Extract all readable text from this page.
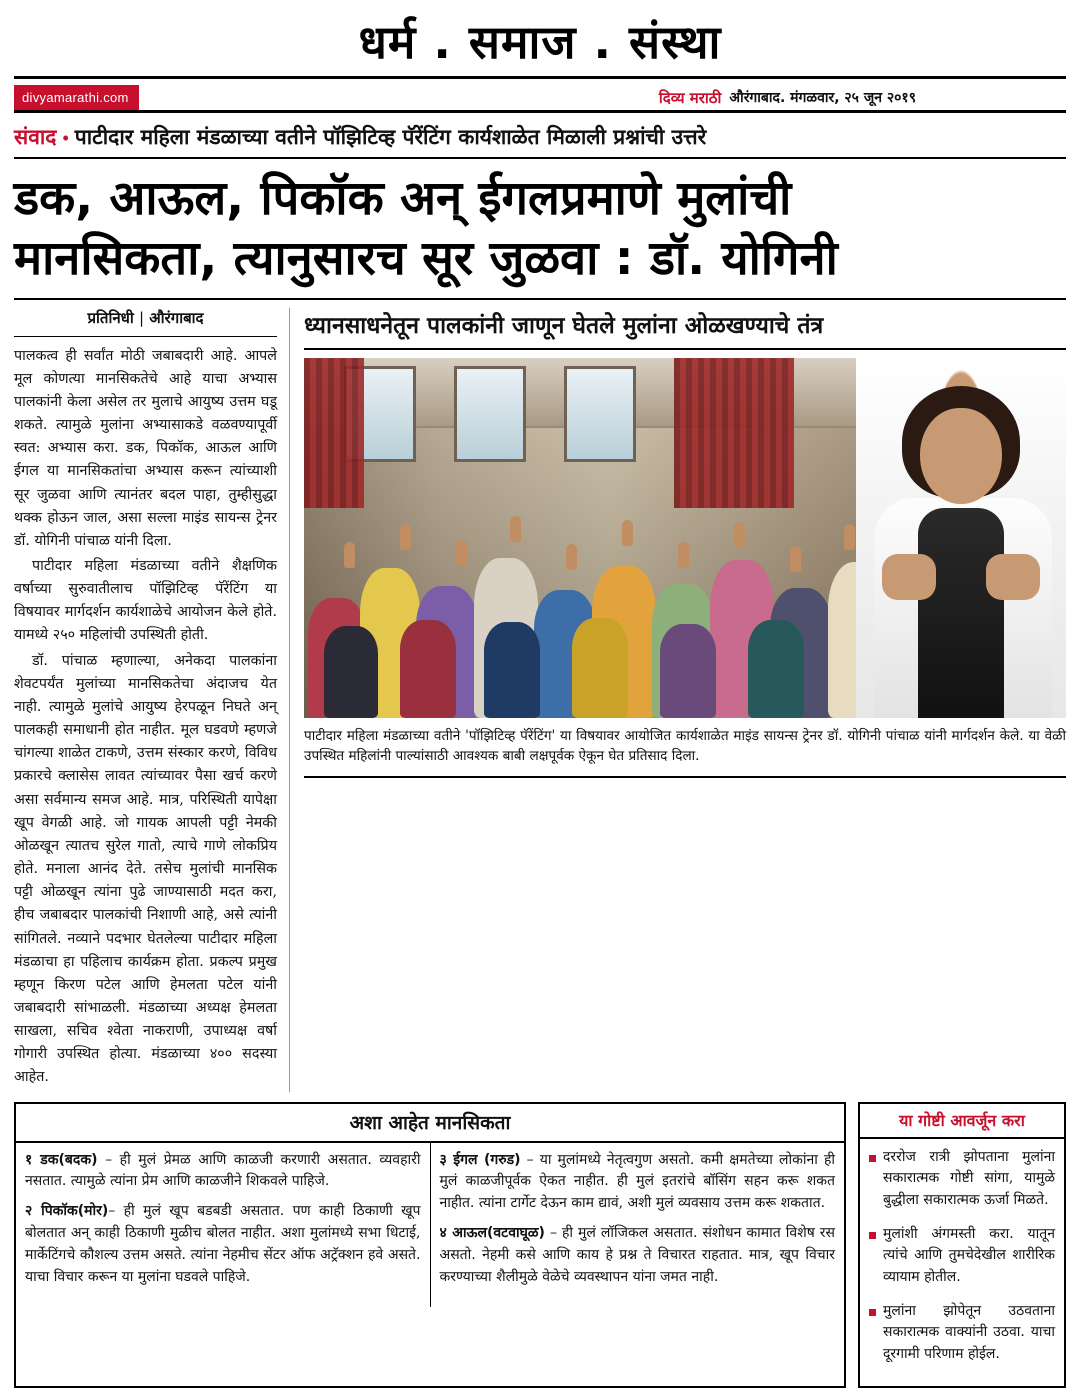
धर्म . समाज . संस्था
divyamarathi.com	दिव्य मराठी औरंगाबाद. मंगळवार, २५ जून २०१९
संवाद • पाटीदार महिला मंडळाच्या वतीने पॉझिटिव्ह पॅरेंटिंग कार्यशाळेत मिळाली प्रश्नांची उत्तरे
डक, आऊल, पिकॉक अन् ईगलप्रमाणे मुलांची
मानसिकता, त्यानुसारच सूर जुळवा : डॉ. योगिनी
प्रतिनिधी | औरंगाबाद

पालकत्व ही सर्वांत मोठी जबाबदारी आहे. आपले मूल कोणत्या मानसिकतेचे आहे याचा अभ्यास पालकांनी केला असेल तर मुलाचे आयुष्य उत्तम घडू शकते. त्यामुळे मुलांना अभ्यासाकडे वळवण्यापूर्वी स्वत: अभ्यास करा. डक, पिकॉक, आऊल आणि ईगल या मानसिकतांचा अभ्यास करून त्यांच्याशी सूर जुळवा आणि त्यानंतर बदल पाहा, तुम्हीसुद्धा थक्क होऊन जाल, असा सल्ला माइंड सायन्स ट्रेनर डॉ. योगिनी पांचाळ यांनी दिला.

पाटीदार महिला मंडळाच्या वतीने शैक्षणिक वर्षाच्या सुरुवातीलाच पॉझिटिव्ह पॅरेंटिंग या विषयावर मार्गदर्शन कार्यशाळेचे आयोजन केले होते. यामध्ये २५० महिलांची उपस्थिती होती.

डॉ. पांचाळ म्हणाल्या, अनेकदा पालकांना शेवटपर्यंत मुलांच्या मानसिकतेचा अंदाजच येत नाही. त्यामुळे मुलांचे आयुष्य हेरपळून निघते अन् पालकही समाधानी होत नाहीत. मूल घडवणे म्हणजे चांगल्या शाळेत टाकणे, उत्तम संस्कार करणे, विविध प्रकारचे क्लासेस लावत त्यांच्यावर पैसा खर्च करणे असा सर्वमान्य समज आहे. मात्र, परिस्थिती यापेक्षा खूप वेगळी आहे. जो गायक आपली पट्टी नेमकी ओळखून त्यातच सुरेल गातो, त्याचे गाणे लोकप्रिय होते. मनाला आनंद देते. तसेच मुलांची मानसिक पट्टी ओळखून त्यांना पुढे जाण्यासाठी मदत करा, हीच जबाबदार पालकांची निशाणी आहे, असे त्यांनी सांगितले. नव्याने पदभार घेतलेल्या पाटीदार महिला मंडळाचा हा पहिलाच कार्यक्रम होता. प्रकल्प प्रमुख म्हणून किरण पटेल आणि हेमलता पटेल यांनी जबाबदारी सांभाळली. मंडळाच्या अध्यक्ष हेमलता साखला, सचिव श्वेता नाकराणी, उपाध्यक्ष वर्षा गोगारी उपस्थित होत्या. मंडळाच्या ४०० सदस्या आहेत.

ध्यानसाधनेतून पालकांनी जाणून घेतले मुलांना ओळखण्याचे तंत्र
पाटीदार महिला मंडळाच्या वतीने 'पॉझिटिव्ह पॅरेंटिंग' या विषयावर आयोजित कार्यशाळेत माइंड सायन्स ट्रेनर डॉ. योगिनी पांचाळ यांनी मार्गदर्शन केले. या वेळी उपस्थित महिलांनी पाल्यांसाठी आवश्यक बाबी लक्षपूर्वक ऐकून घेत प्रतिसाद दिला.
अशा आहेत मानसिकता
१ डक(बदक) – ही मुलं प्रेमळ आणि काळजी करणारी असतात. व्यवहारी नसतात. त्यामुळे त्यांना प्रेम आणि काळजीने शिकवले पाहिजे.
२ पिकॉक(मोर)– ही मुलं खूप बडबडी असतात. पण काही ठिकाणी खूप बोलतात अन् काही ठिकाणी मुळीच बोलत नाहीत. अशा मुलांमध्ये सभा धिटाई, मार्केटिंगचे कौशल्य उत्तम असते. त्यांना नेहमीच सेंटर ऑफ अट्रॅक्शन हवे असते. याचा विचार करून या मुलांना घडवले पाहिजे.
३ ईगल (गरुड) – या मुलांमध्ये नेतृत्वगुण असतो. कमी क्षमतेच्या लोकांना ही मुलं काळजीपूर्वक ऐकत नाहीत. ही मुलं इतरांचे बॉसिंग सहन करू शकत नाहीत. त्यांना टार्गेट देऊन काम द्यावं, अशी मुलं व्यवसाय उत्तम करू शकतात.
४ आऊल(वटवाघूळ) – ही मुलं लॉजिकल असतात. संशोधन कामात विशेष रस असतो. नेहमी कसे आणि काय हे प्रश्न ते विचारत राहतात. मात्र, खूप विचार करण्याच्या शैलीमुळे वेळेचे व्यवस्थापन यांना जमत नाही.
या गोष्टी आवर्जून करा
दररोज रात्री झोपताना मुलांना सकारात्मक गोष्टी सांगा, यामुळे बुद्धीला सकारात्मक ऊर्जा मिळते.
मुलांशी अंगमस्ती करा. यातून त्यांचे आणि तुमचेदेखील शारीरिक व्यायाम होतील.
मुलांना झोपेतून उठवताना सकारात्मक वाक्यांनी उठवा. याचा दूरगामी परिणाम होईल.
